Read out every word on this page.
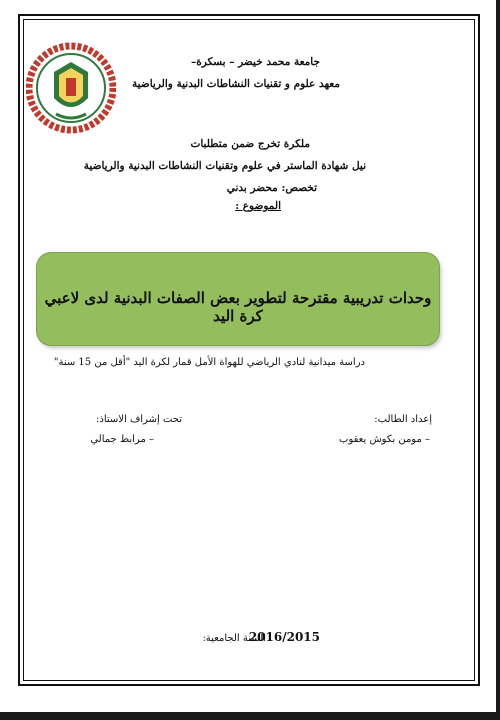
جامعة محمد خيضر – بسكرة–
معهد علوم و تقنيات النشاطات البدنية والرياضية
ملكرة تخرج ضمن متطلبات
نيل شهادة الماستر في علوم وتقنيات النشاطات البدنية والرياضية
تخصص: محضر بدني
الموضوع :
وحدات تدريبية مقترحة لتطوير بعض الصفات البدنية لدى لاعبي كرة اليد
دراسة ميدانية لنادي الرياضي للهواة الأمل قمار لكرة اليد "أقل من 15 سنة"
إعداد الطالب:
– مومن بكوش يعقوب
تحت إشراف الاستاذ:
– مرابط جمالي
السنة الجامعية:
2016/2015
